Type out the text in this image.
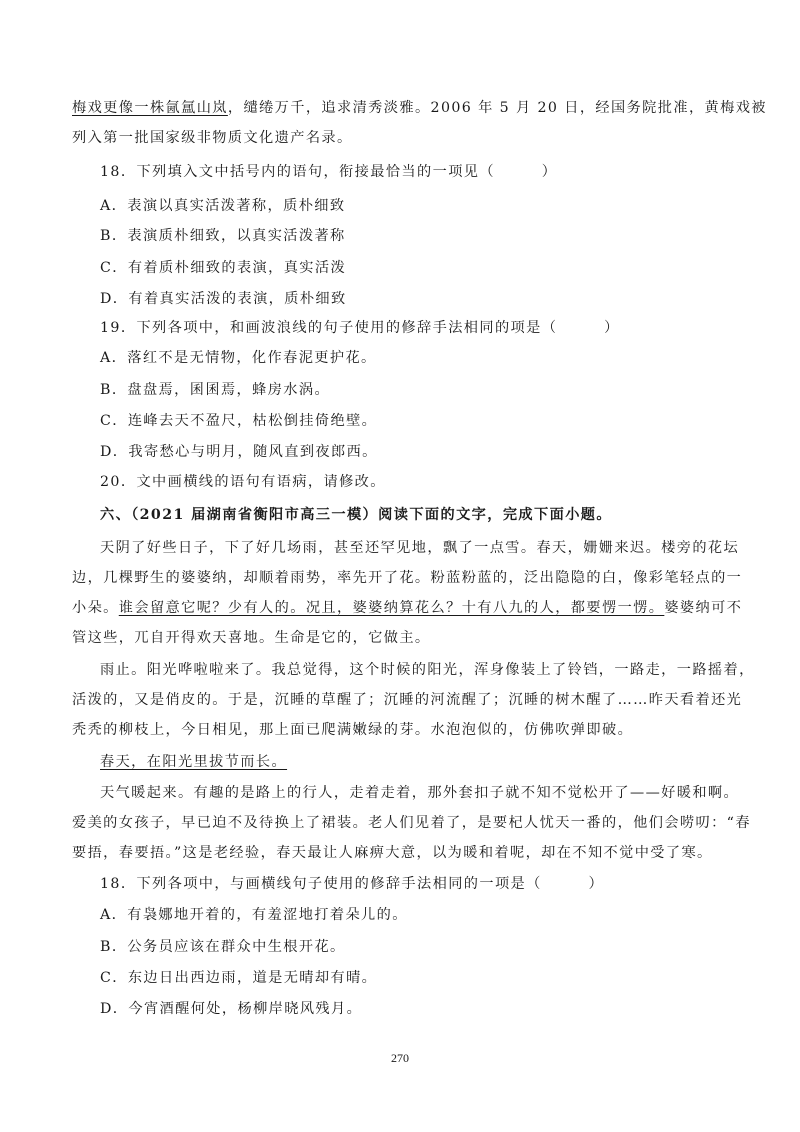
梅戏更像一株氤氲山岚，缱绻万千，追求清秀淡雅。2006 年 5 月 20 日，经国务院批准，黄梅戏被
列入第一批国家级非物质文化遗产名录。
18．下列填入文中括号内的语句，衔接最恰当的一项见（　　　）
A．表演以真实活泼著称，质朴细致
B．表演质朴细致，以真实活泼著称
C．有着质朴细致的表演，真实活泼
D．有着真实活泼的表演，质朴细致
19．下列各项中，和画波浪线的句子使用的修辞手法相同的项是（　　　）
A．落红不是无情物，化作春泥更护花。
B．盘盘焉，囷囷焉，蜂房水涡。
C．连峰去天不盈尺，枯松倒挂倚绝壁。
D．我寄愁心与明月，随风直到夜郎西。
20．文中画横线的语句有语病，请修改。
六、（2021 届湖南省衡阳市高三一模）阅读下面的文字，完成下面小题。
天阴了好些日子，下了好几场雨，甚至还罕见地，飘了一点雪。春天，姗姗来迟。楼旁的花坛
边，几棵野生的婆婆纳，却顺着雨势，率先开了花。粉蓝粉蓝的，泛出隐隐的白，像彩笔轻点的一
小朵。谁会留意它呢？少有人的。况且，婆婆纳算花么？十有八九的人，都要愣一愣。婆婆纳可不
管这些，兀自开得欢天喜地。生命是它的，它做主。
雨止。阳光哗啦啦来了。我总觉得，这个时候的阳光，浑身像装上了铃铛，一路走，一路摇着，
活泼的，又是俏皮的。于是，沉睡的草醒了；沉睡的河流醒了；沉睡的树木醒了……昨天看着还光
秃秃的柳枝上，今日相见，那上面已爬满嫩绿的芽。水泡泡似的，仿佛吹弹即破。
春天，在阳光里拔节而长。
天气暖起来。有趣的是路上的行人，走着走着，那外套扣子就不知不觉松开了——好暖和啊。
爱美的女孩子，早已迫不及待换上了裙装。老人们见着了，是要杞人忧天一番的，他们会唠叨：“春
要捂，春要捂。”这是老经验，春天最让人麻痹大意，以为暖和着呢，却在不知不觉中受了寒。
18．下列各项中，与画横线句子使用的修辞手法相同的一项是（　　　）
A．有袅娜地开着的，有羞涩地打着朵儿的。
B．公务员应该在群众中生根开花。
C．东边日出西边雨，道是无晴却有晴。
D．今宵酒醒何处，杨柳岸晓风残月。
270
